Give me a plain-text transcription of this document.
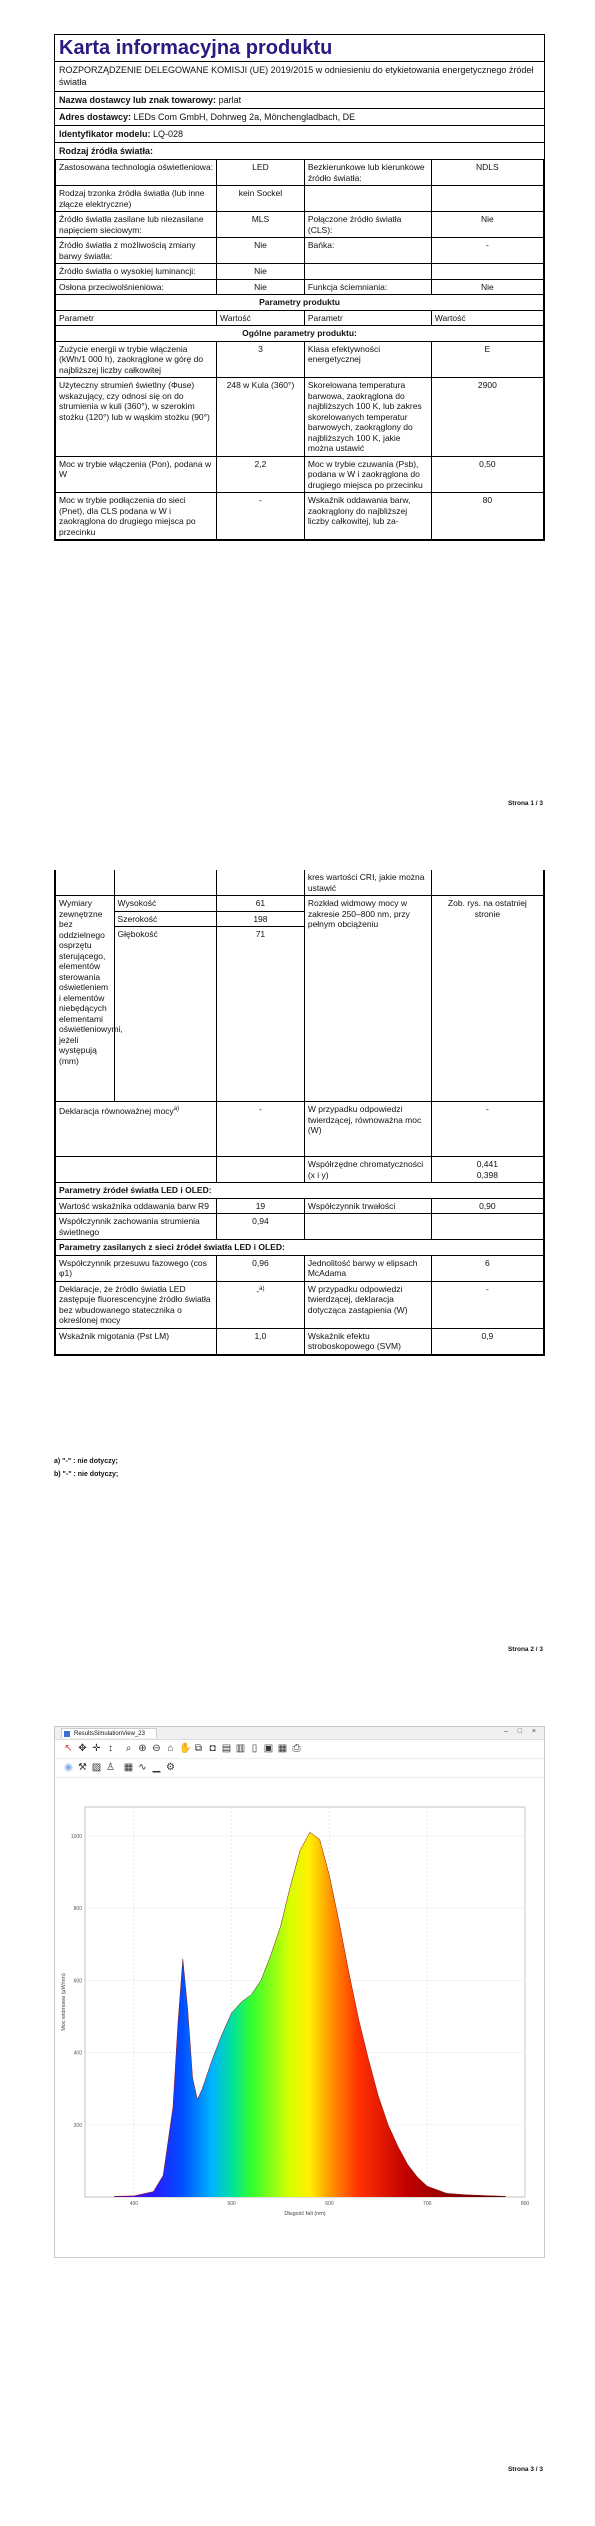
Karta informacyjna produktu
ROZPORZĄDZENIE DELEGOWANE KOMISJI (UE) 2019/2015 w odniesieniu do etykietowania energetycznego źródeł światła
Nazwa dostawcy lub znak towarowy: parlat
Adres dostawcy: LEDs Com GmbH, Dohrweg 2a, Mönchengladbach, DE
Identyfikator modelu: LQ-028
Rodzaj źródła światła:
Zastosowana technologia oświetleniowa:	LED	Bezkierunkowe lub kierunkowe źródło światła:	NDLS
Rodzaj trzonka źródła światła (lub inne złącze elektryczne)	kein Sockel		
Źródło światła zasilane lub niezasilane napięciem sieciowym:	MLS	Połączone źródło światła (CLS):	Nie
Źródło światła z możliwością zmiany barwy światła:	Nie	Bańka:	-
Źródło światła o wysokiej luminancji:	Nie		
Osłona przeciwolśnieniowa:	Nie	Funkcja ściemniania:	Nie
Parametry produktu			
Parametr	Wartość	Parametr	Wartość
Ogólne parametry produktu:			
Zużycie energii w trybie włączenia (kWh/1 000 h), zaokrąglone w górę do najbliższej liczby całkowitej	3	Klasa efektywności energetycznej	E
Użyteczny strumień świetlny (Φuse) wskazujący, czy odnosi się on do strumienia w kuli (360°), w szerokim stożku (120°) lub w wąskim stożku (90°)	248 w Kula (360°)	Skorelowana temperatura barwowa, zaokrąglona do najbliższych 100 K, lub zakres skorelowanych temperatur barwowych, zaokrąglony do najbliższych 100 K, jakie można ustawić	2900
Moc w trybie włączenia (Pon), podana w W	2,2	Moc w trybie czuwania (Psb), podana w W i zaokrąglona do drugiego miejsca po przecinku	0,50
Moc w trybie podłączenia do sieci (Pnet), dla CLS podana w W i zaokrąglona do drugiego miejsca po przecinku	-	Wskaźnik oddawania barw, zaokrąglony do najbliższej liczby całkowitej, lub za-	80
Strona 1 / 3
			kres wartości CRI, jakie można ustawić	
Wymiary zewnętrzne bez oddzielnego osprzętu sterującego, elementów sterowania oświetleniem i elementów niebędących elementami oświetleniowymi, jeżeli występują (mm)	Wysokość	61	Rozkład widmowy mocy w zakresie 250–800 nm, przy pełnym obciążeniu	Zob. rys. na ostatniej stronie
	Szerokość	198		
	Głębokość	71		
Deklaracja równoważnej mocy$^{a)}$		-	W przypadku odpowiedzi twierdzącej, równoważna moc (W)	-
			Współrzędne chromatyczności (x i y)	0,441
0,398

Parametry źródeł światła LED i OLED:				
Wartość wskaźnika oddawania barw R9		19	Współczynnik trwałości	0,90
Współczynnik zachowania strumienia świetlnego		0,94		
Parametry zasilanych z sieci źródeł światła LED i OLED:				
Współczynnik przesuwu fazowego (cos φ1)		0,96	Jednolitość barwy w elipsach McAdama	6
Deklaracje, że źródło światła LED zastępuje fluorescencyjne źródło światła bez wbudowanego statecznika o określonej mocy		-$^{a)}$	W przypadku odpowiedzi twierdzącej, deklaracja dotycząca zastąpienia (W)	-
Wskaźnik migotania (Pst LM)		1,0	Wskaźnik efektu stroboskopowego (SVM)	0,9
a) "-" : nie dotyczy;
b) "-" : nie dotyczy;
Strona 2 / 3
ResultsSimulationView_23	– □ ×
↖ ✥ ✛ ↕	⌕ ⊕ ⊖ ⌂ ✋ ⧉ ◘ ▤ ▥ ▯ ▣ ▦ ⎙
◉ ⚒ ▨ ♙ ▦ ∿ ▁ ⚙
200
400
600
800
1000
400	500	600	700	800
Długość fali (nm)
Moc widmowa (μW/nm)
Strona 3 / 3
